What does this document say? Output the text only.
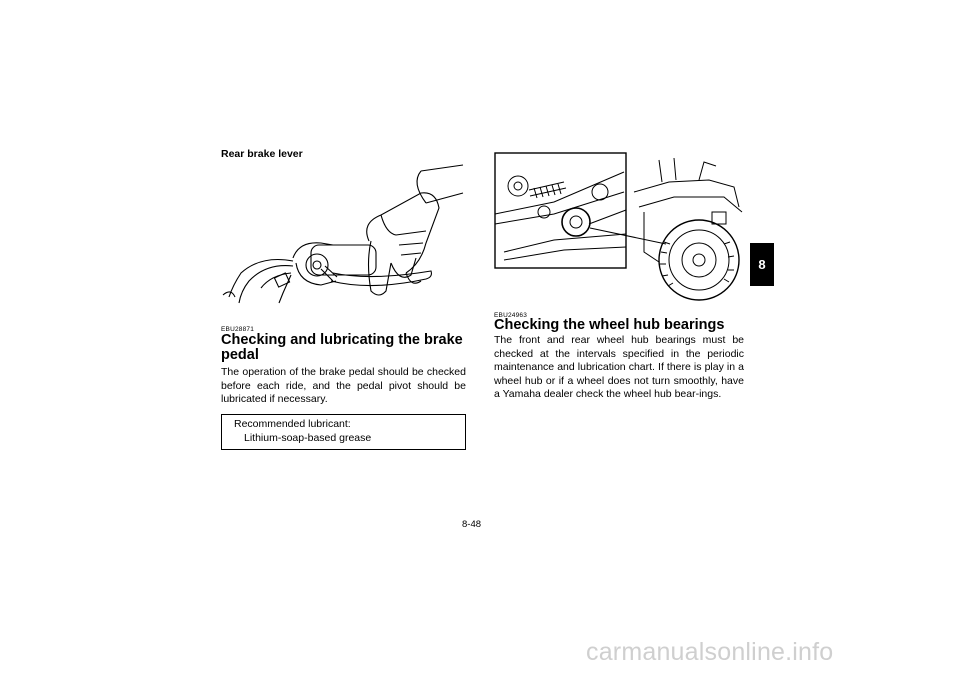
Rear brake lever
EBU28871
Checking and lubricating the brake pedal
The operation of the brake pedal should be checked before each ride, and the pedal pivot should be lubricated if necessary.
Recommended lubricant:
Lithium-soap-based grease
EBU24963
Checking the wheel hub bearings
The front and rear wheel hub bearings must be checked at the intervals specified in the periodic maintenance and lubrication chart. If there is play in a wheel hub or if a wheel does not turn smoothly, have a Yamaha dealer check the wheel hub bear-ings.
8-48
8
carmanualsonline.info
